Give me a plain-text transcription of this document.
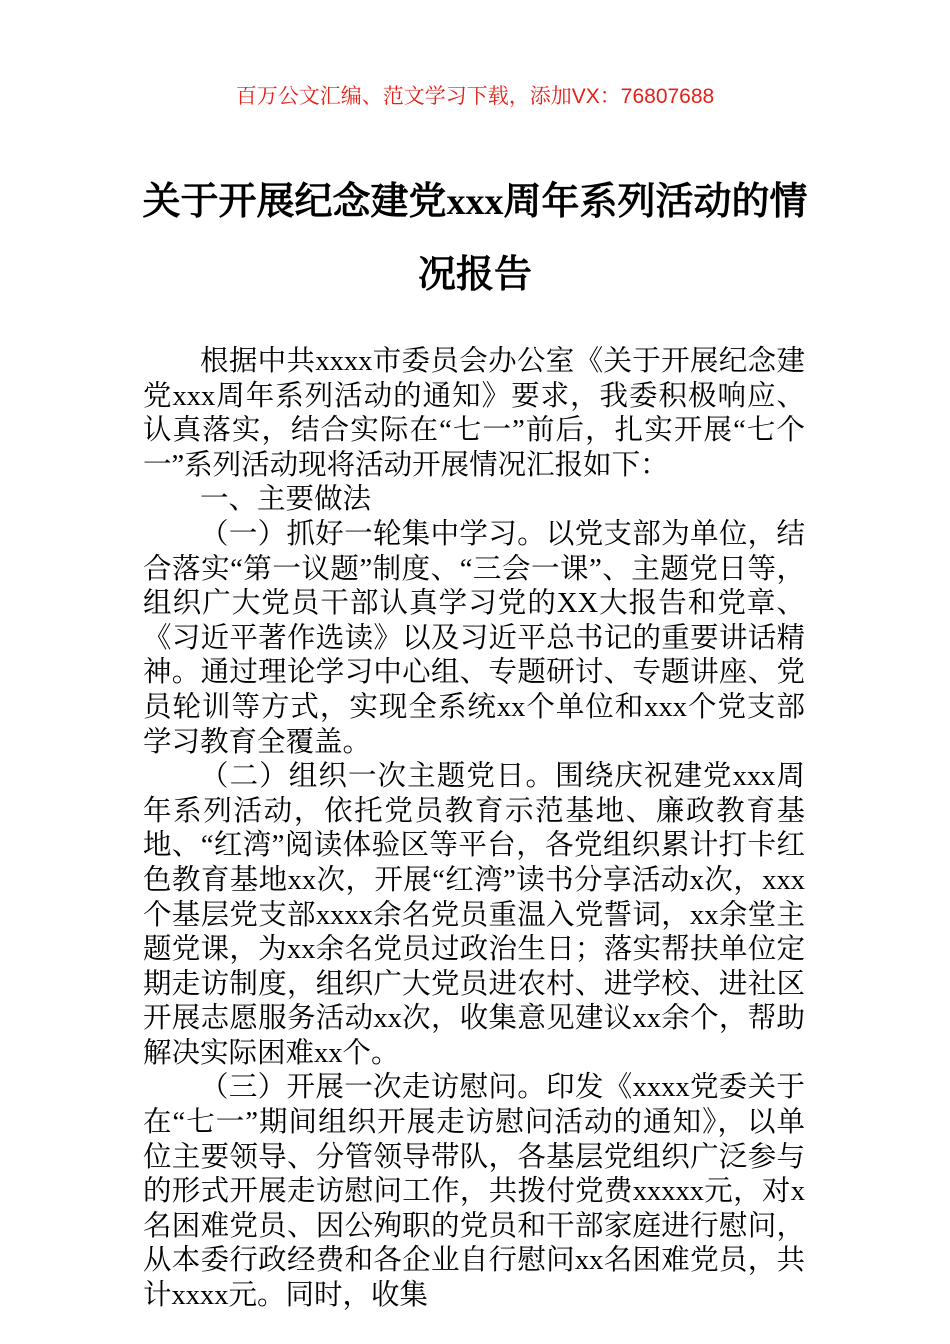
百万公文汇编、范文学习下载，添加VX：76807688
关于开展纪念建党xxx周年系列活动的情
况报告

根据中共xxxx市委员会办公室《关于开展纪念建党xxx周年系列活动的通知》要求，我委积极响应、认真落实，结合实际在“七一”前后，扎实开展“七个一”系列活动现将活动开展情况汇报如下：

一、主要做法

（一）抓好一轮集中学习。以党支部为单位，结合落实“第一议题”制度、“三会一课”、主题党日等，组织广大党员干部认真学习党的XX大报告和党章、《习近平著作选读》以及习近平总书记的重要讲话精神。通过理论学习中心组、专题研讨、专题讲座、党员轮训等方式，实现全系统xx个单位和xxx个党支部学习教育全覆盖。

（二）组织一次主题党日。围绕庆祝建党xxx周年系列活动，依托党员教育示范基地、廉政教育基地、“红湾”阅读体验区等平台，各党组织累计打卡红色教育基地xx次，开展“红湾”读书分享活动x次，xxx个基层党支部xxxx余名党员重温入党誓词，xx余堂主题党课，为xx余名党员过政治生日；落实帮扶单位定期走访制度，组织广大党员进农村、进学校、进社区开展志愿服务活动xx次，收集意见建议xx余个，帮助解决实际困难xx个。

（三）开展一次走访慰问。印发《xxxx党委关于在“七一”期间组织开展走访慰问活动的通知》，以单位主要领导、分管领导带队，各基层党组织广泛参与的形式开展走访慰问工作，共拨付党费xxxxx元，对x名困难党员、因公殉职的党员和干部家庭进行慰问，从本委行政经费和各企业自行慰问xx名困难党员，共计xxxx元。同时，收集
